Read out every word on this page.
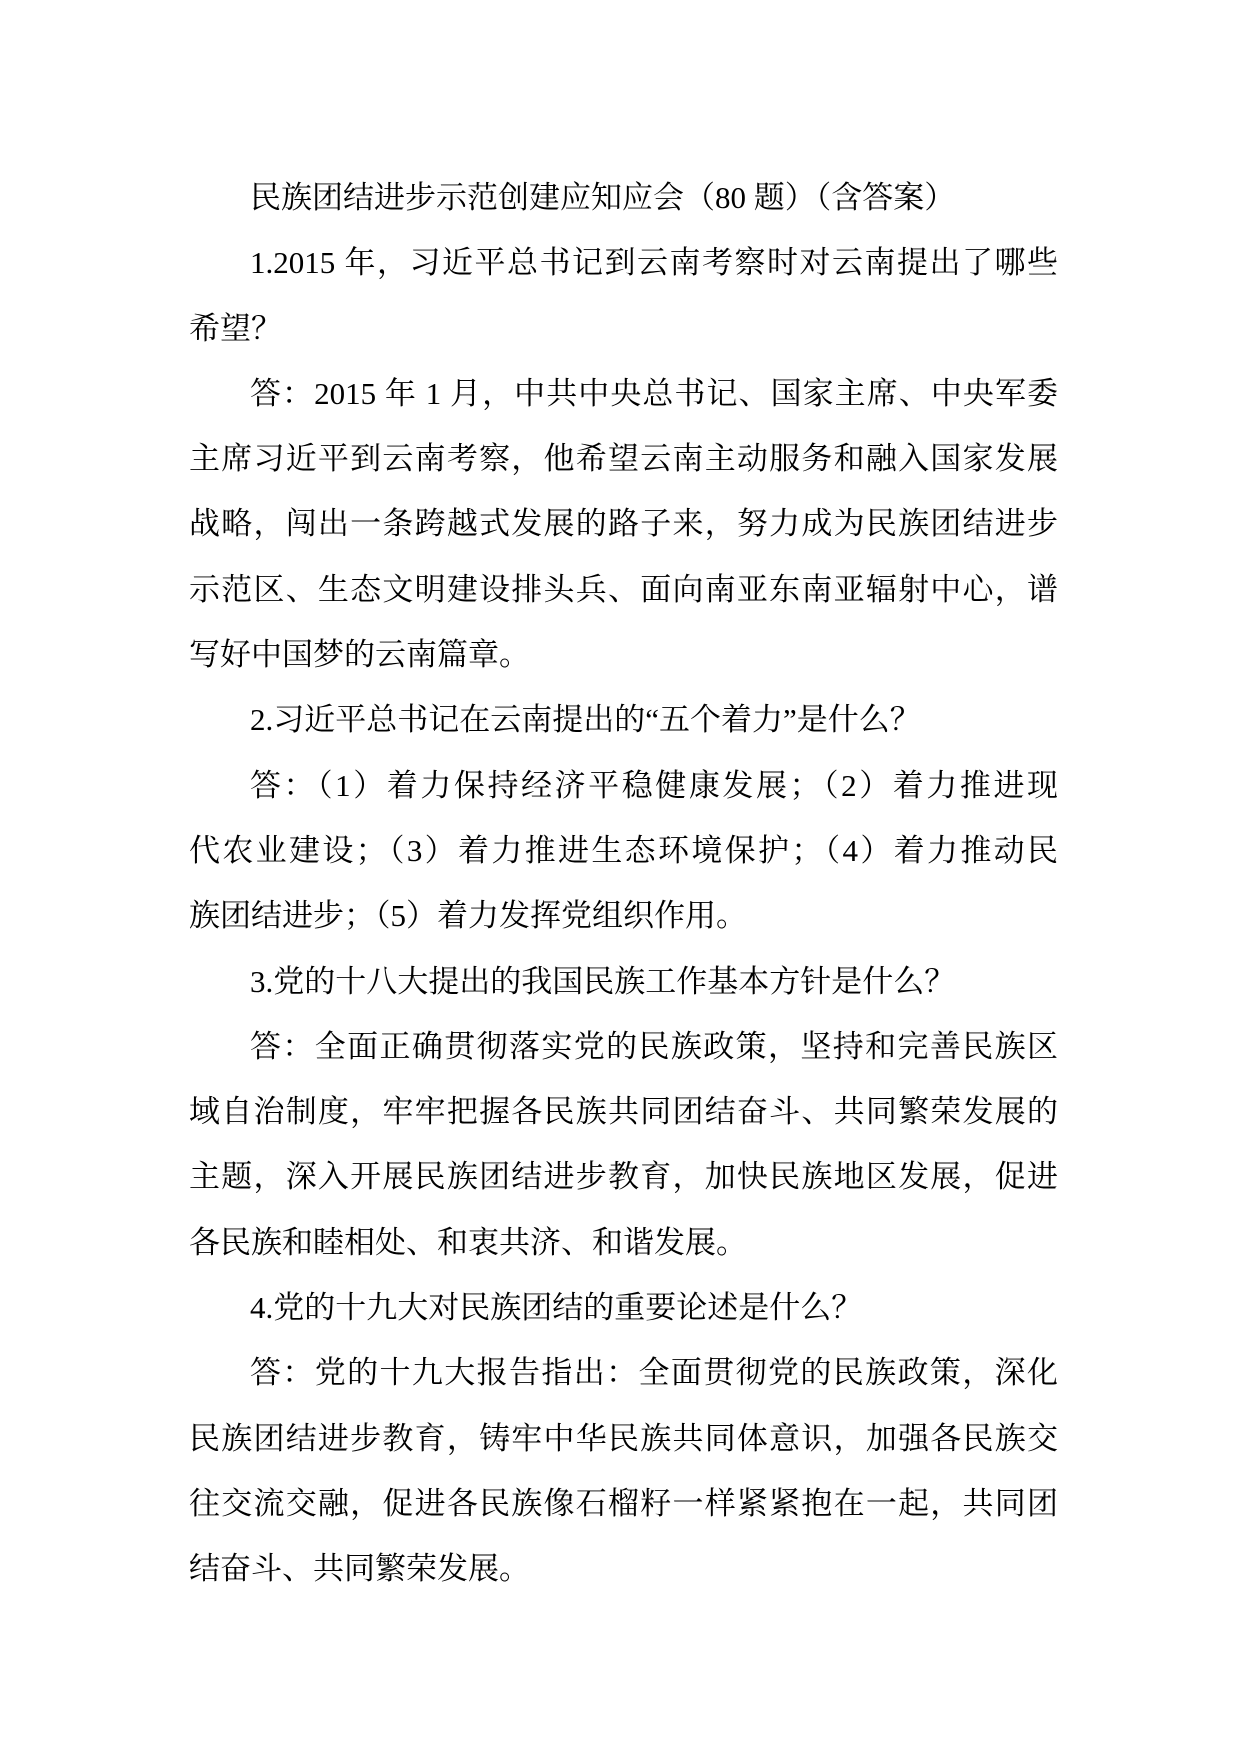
民族团结进步示范创建应知应会（80 题）（含答案）
1.2015 年，习近平总书记到云南考察时对云南提出了哪些
希望？
答：2015 年 1 月，中共中央总书记、国家主席、中央军委
主席习近平到云南考察，他希望云南主动服务和融入国家发展
战略，闯出一条跨越式发展的路子来，努力成为民族团结进步
示范区、生态文明建设排头兵、面向南亚东南亚辐射中心，谱
写好中国梦的云南篇章。
2.习近平总书记在云南提出的“五个着力”是什么？
答：（1）着力保持经济平稳健康发展；（2）着力推进现
代农业建设；（3）着力推进生态环境保护；（4）着力推动民
族团结进步；（5）着力发挥党组织作用。
3.党的十八大提出的我国民族工作基本方针是什么？
答：全面正确贯彻落实党的民族政策，坚持和完善民族区
域自治制度，牢牢把握各民族共同团结奋斗、共同繁荣发展的
主题，深入开展民族团结进步教育，加快民族地区发展，促进
各民族和睦相处、和衷共济、和谐发展。
4.党的十九大对民族团结的重要论述是什么？
答：党的十九大报告指出：全面贯彻党的民族政策，深化
民族团结进步教育，铸牢中华民族共同体意识，加强各民族交
往交流交融，促进各民族像石榴籽一样紧紧抱在一起，共同团
结奋斗、共同繁荣发展。
